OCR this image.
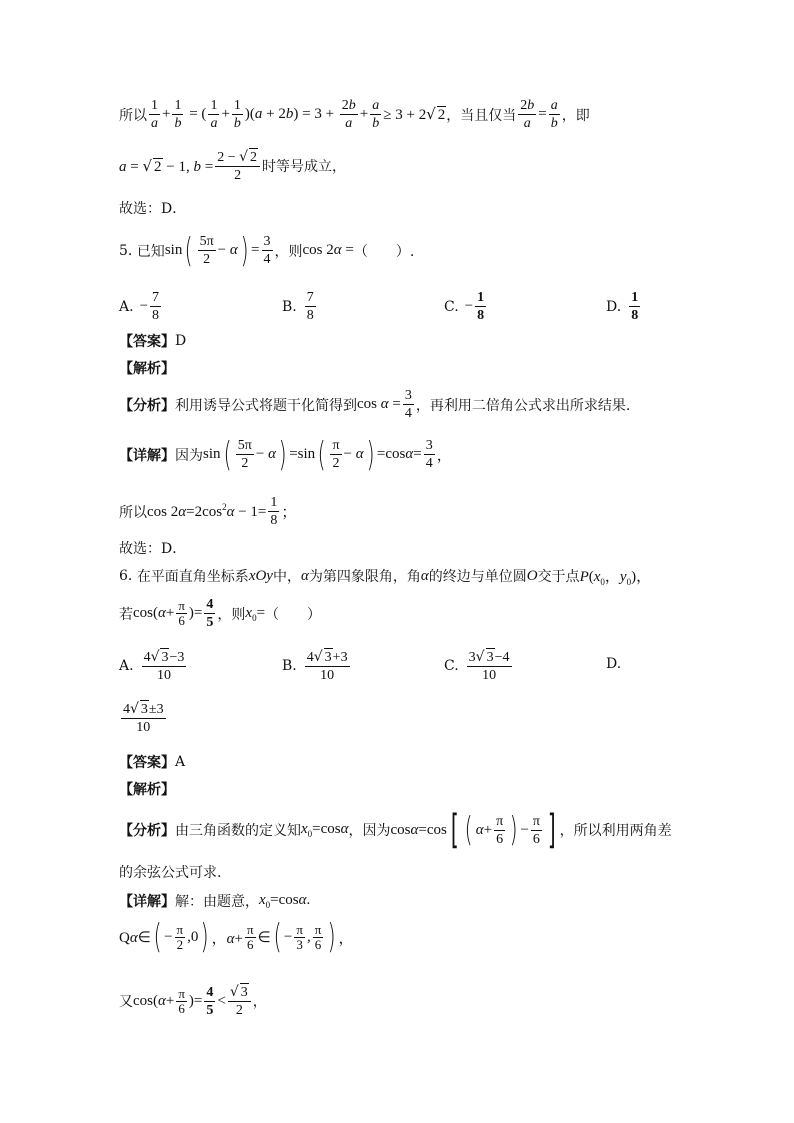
所以 $\frac{1}{a} + \frac{1}{b}$ = ( $\frac{1}{a} + \frac{1}{b} )(a + 2b) = 3 + \frac{2b}{a} + \frac{a}{b} \ge 3 + 2√$ 2 ，当且仅当 $\frac{2b}{a} = \frac{a}{b}$ ，即
a = √ 2 − 1, $b = \frac{2 - √ 2}{2}$ 时等号成立，
故选：D．
5.
已知 sin ( $\frac{5\pi}{2} - \alpha$ ) = $\frac{3}{4}$ ，则 cos 2α = （　　）.
A. − $\frac{7}{8}$	B. $\frac{7}{8}$	C. − $\frac{1}{8}$	D. $\frac{1}{8}$
【答案】 D
【解析】
【分析】 利用诱导公式将题干化简得到 $\cos \alpha = \frac{3}{4}$ ，再利用二倍角公式求出所求结果.
【详解】 因为 sin ( $\frac{5\pi}{2} - \alpha$ ) =sin ( $\frac{\pi}{2} - \alpha$ ) $=\cos\alpha= \frac{3}{4}$ ，
所以 $\cos 2\alpha=2\cos^2\alpha - 1= \frac{1}{8}$ ；
故选：D．
6.
在平面直角坐标系 xOy 中， α 为第四象限角，角 α 的终边与单位圆 O 交于点 $P(x_0$，$y_0$)，
若 $\cos(\alpha+ \frac{\pi}{6}$ )= $\frac{4}{5}$ ，则 $x_0=$ （　　）
A. $\frac{4√ 3-3}{10}$	B. $\frac{4√ 3+3}{10}$	C. $\frac{3√ 3-4}{10}$	D.
$\frac{4√ 3\pm 3}{10}$
【答案】 A
【解析】
【分析】 由三角函数的定义知 $x_0=\cos\alpha$ ，因为 cosα=cos [ ( $\alpha + \frac{\pi}{6}$ ) − $\frac{\pi}{6}$ ] ，所以利用两角差
的余弦公式可求.
【详解】 解：由题意， $x_0=\cos\alpha$.
Qα∈ ( − $\frac{\pi}{2} ,0$ ) ，$\alpha+ \frac{\pi}{6}$ ∈ ( − $\frac{\pi}{3}$ , $\frac{\pi}{6}$ ) ，
又 $\cos(\alpha+ \frac{\pi}{6}$ )= $\frac{4}{5} < \frac{√ 3}{2}$ ，
